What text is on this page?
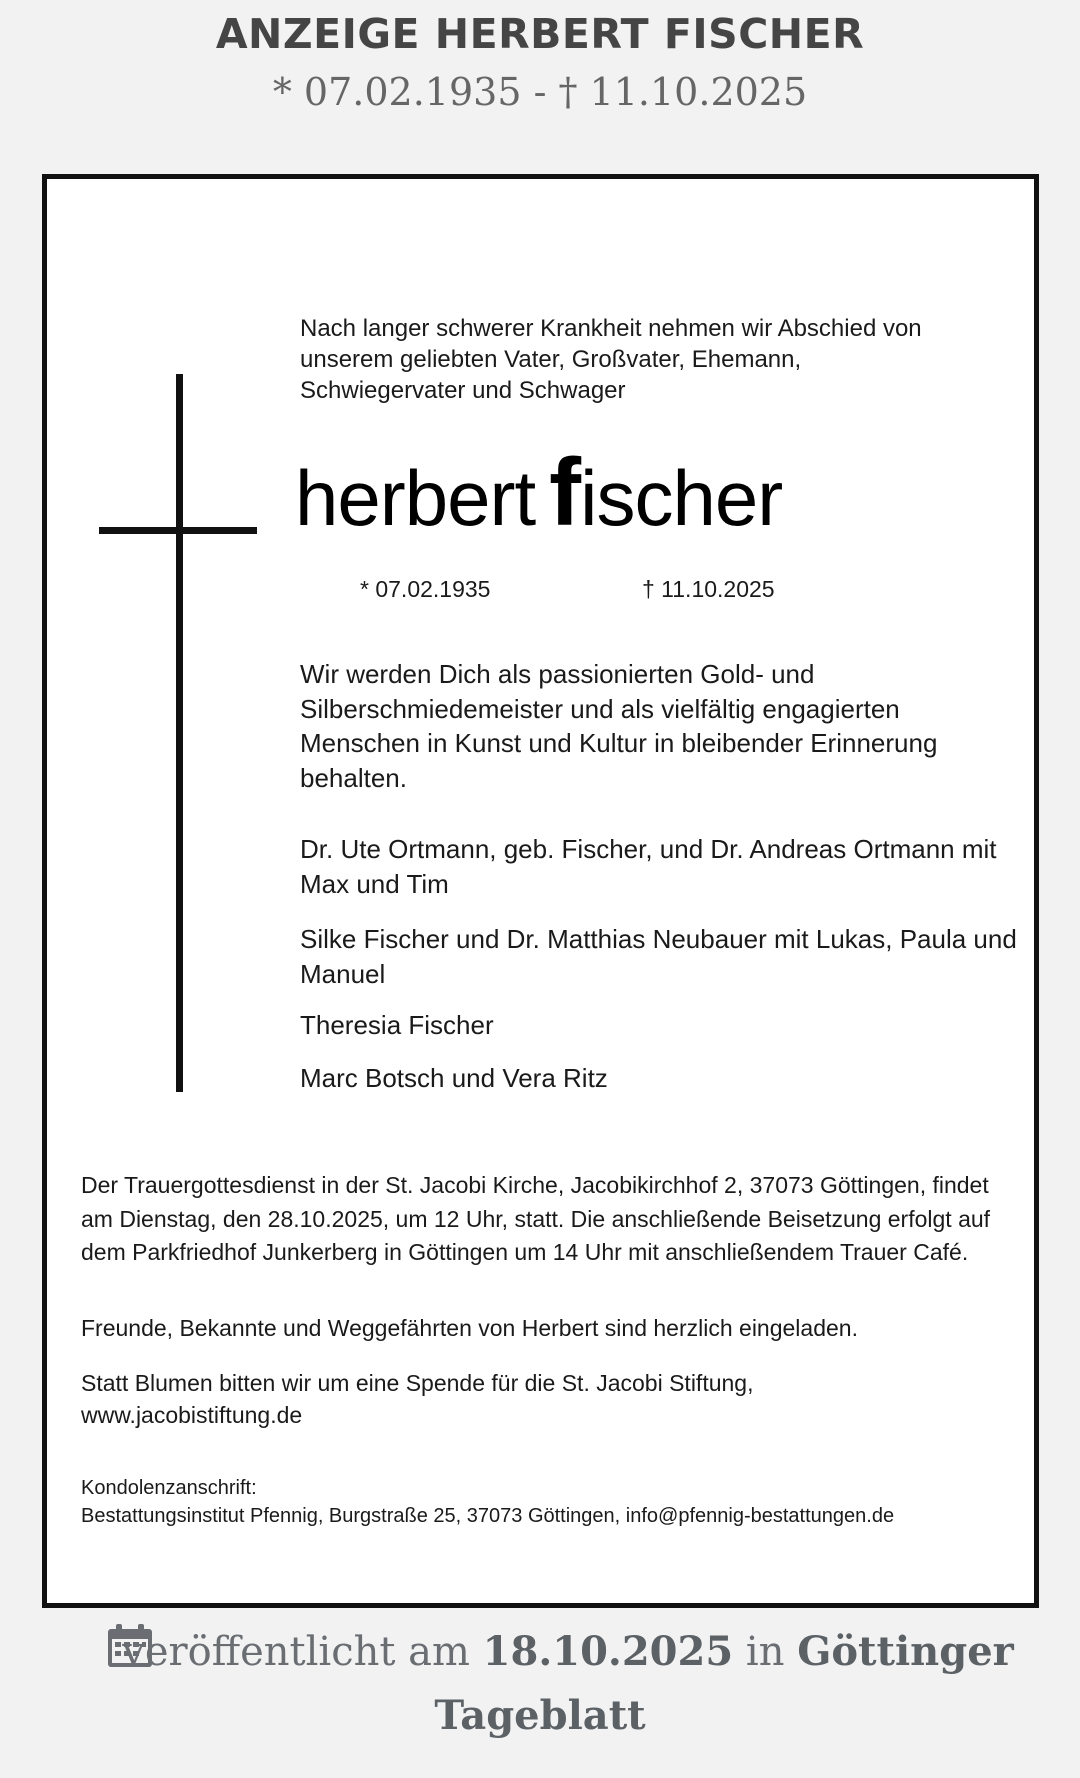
ANZEIGE HERBERT FISCHER
* 07.02.1935 - † 11.10.2025
Nach langer schwerer Krankheit nehmen wir Abschied von unserem geliebten Vater, Großvater, Ehemann, Schwiegervater und Schwager
herbert fischer
* 07.02.1935	† 11.10.2025
Wir werden Dich als passionierten Gold- und Silberschmiedemeister und als vielfältig engagierten Menschen in Kunst und Kultur in bleibender Erinnerung behalten.
Dr. Ute Ortmann, geb. Fischer, und Dr. Andreas Ortmann mit Max und Tim
Silke Fischer und Dr. Matthias Neubauer mit Lukas, Paula und Manuel
Theresia Fischer
Marc Botsch und Vera Ritz
Der Trauergottesdienst in der St. Jacobi Kirche, Jacobikirchhof 2, 37073 Göttingen, findet am Dienstag, den 28.10.2025, um 12 Uhr, statt. Die anschließende Beisetzung erfolgt auf dem Parkfriedhof Junkerberg in Göttingen um 14 Uhr mit anschließendem Trauer Café.
Freunde, Bekannte und Weggefährten von Herbert sind herzlich eingeladen.
Statt Blumen bitten wir um eine Spende für die St. Jacobi Stiftung,
www.jacobistiftung.de
Kondolenzanschrift:
Bestattungsinstitut Pfennig, Burgstraße 25, 37073 Göttingen, info@pfennig-bestattungen.de
veröffentlicht am 18.10.2025 in Göttinger
Tageblatt
